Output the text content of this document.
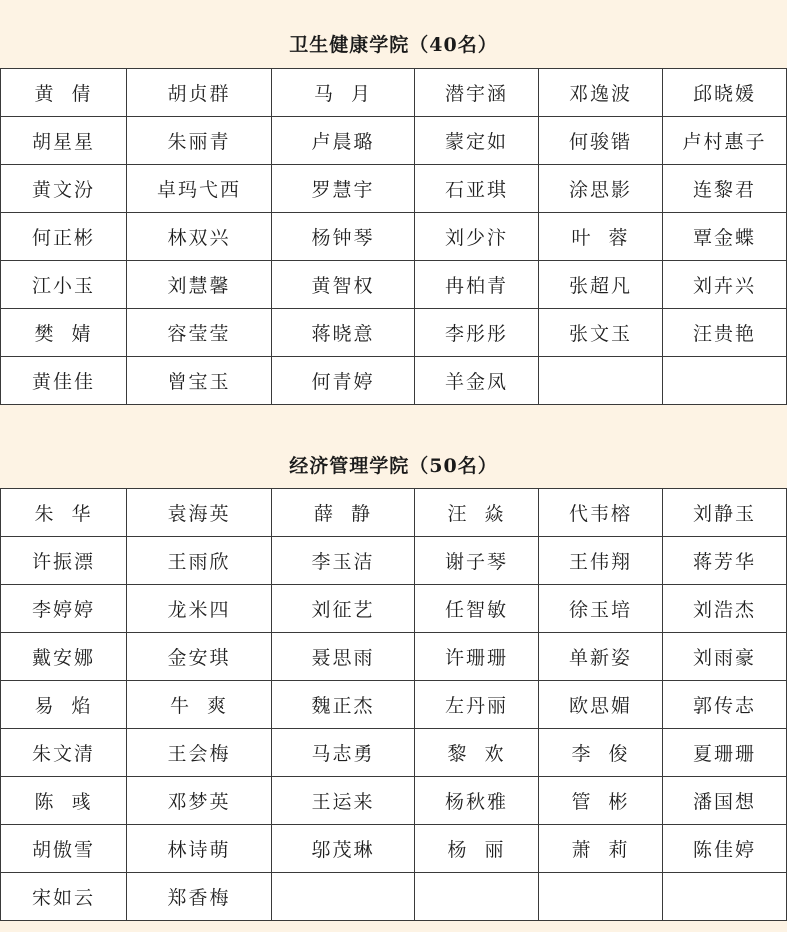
卫生健康学院（40名）
黄  倩	胡贞群	马  月	潜宇涵	邓逸波	邱晓媛
胡星星	朱丽青	卢晨璐	蒙定如	何骏锴	卢村惠子
黄文汾	卓玛弋西	罗慧宇	石亚琪	涂思影	连黎君
何正彬	林双兴	杨钟琴	刘少汴	叶  蓉	覃金蝶
江小玉	刘慧馨	黄智权	冉柏青	张超凡	刘卉兴
樊  婧	容莹莹	蒋晓意	李彤彤	张文玉	汪贵艳
黄佳佳	曾宝玉	何青婷	羊金凤		
经济管理学院（50名）
朱  华	袁海英	薛  静	汪  焱	代韦榕	刘静玉
许振漂	王雨欣	李玉洁	谢子琴	王伟翔	蒋芳华
李婷婷	龙米四	刘征艺	任智敏	徐玉培	刘浩杰
戴安娜	金安琪	聂思雨	许珊珊	单新姿	刘雨豪
易  焰	牛  爽	魏正杰	左丹丽	欧思媚	郭传志
朱文清	王会梅	马志勇	黎  欢	李  俊	夏珊珊
陈  彧	邓梦英	王运来	杨秋雅	管  彬	潘国想
胡傲雪	林诗萌	邬茂琳	杨  丽	萧  莉	陈佳婷
宋如云	郑香梅				
